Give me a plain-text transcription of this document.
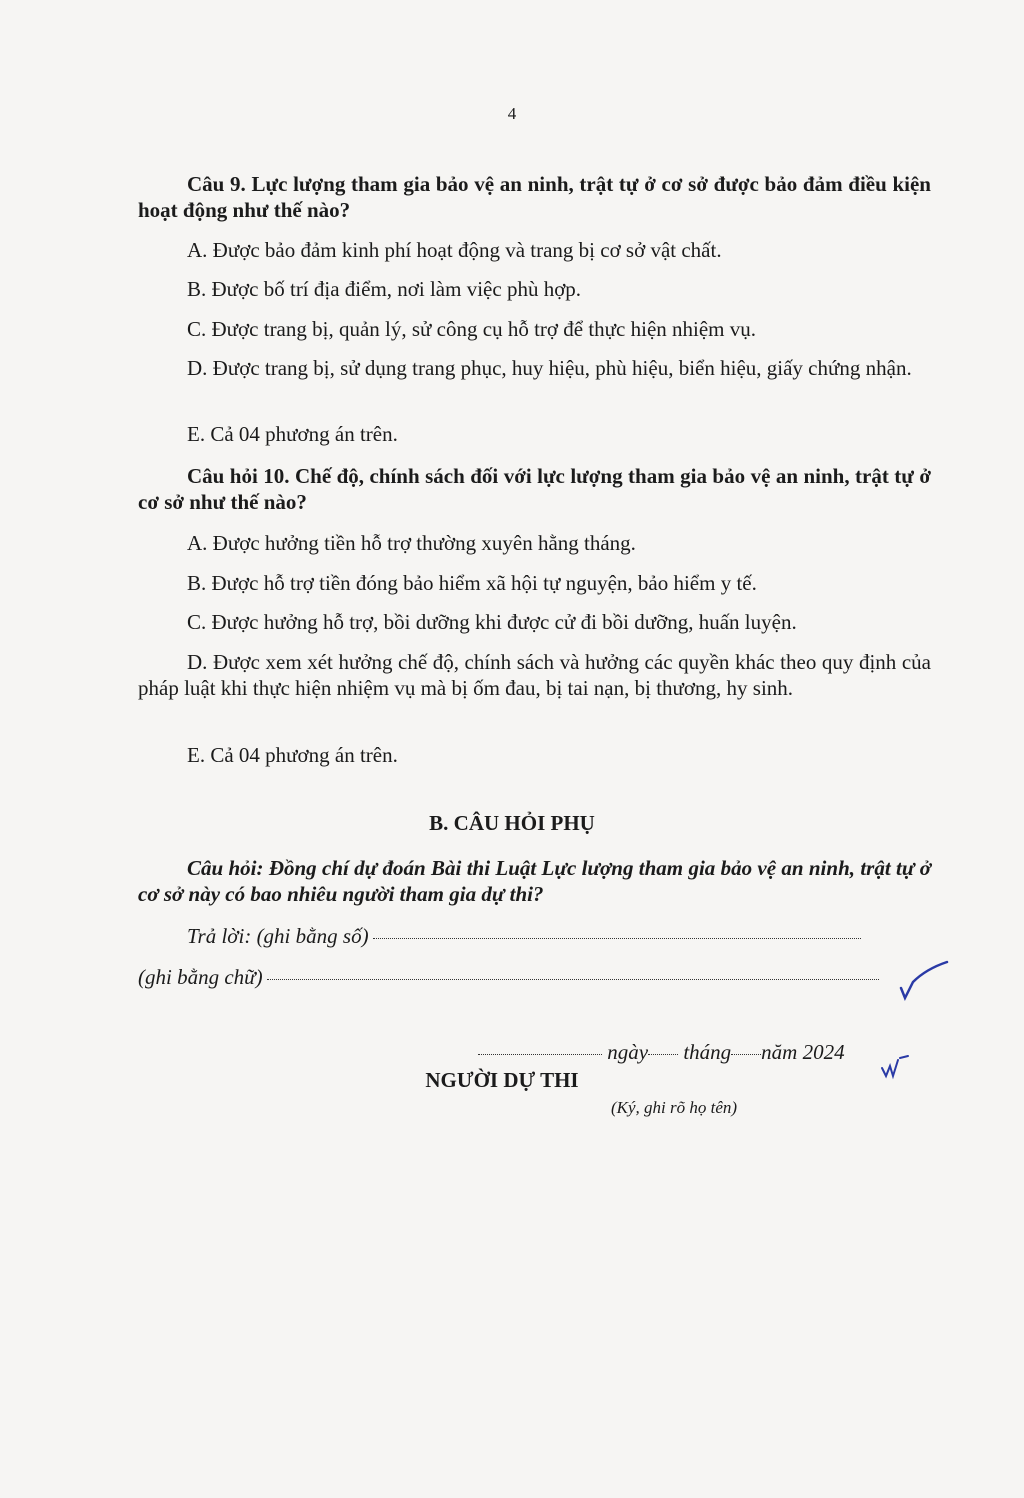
4
Câu 9. Lực lượng tham gia bảo vệ an ninh, trật tự ở cơ sở được bảo đảm điều kiện hoạt động như thế nào?
A. Được bảo đảm kinh phí hoạt động và trang bị cơ sở vật chất.
B. Được bố trí địa điểm, nơi làm việc phù hợp.
C. Được trang bị, quản lý, sử công cụ hỗ trợ để thực hiện nhiệm vụ.
D. Được trang bị, sử dụng trang phục, huy hiệu, phù hiệu, biển hiệu, giấy chứng nhận.
E. Cả 04 phương án trên.
Câu hỏi 10. Chế độ, chính sách đối với lực lượng tham gia bảo vệ an ninh, trật tự ở cơ sở như thế nào?
A. Được hưởng tiền hỗ trợ thường xuyên hằng tháng.
B. Được hỗ trợ tiền đóng bảo hiểm xã hội tự nguyện, bảo hiểm y tế.
C. Được hưởng hỗ trợ, bồi dưỡng khi được cử đi bồi dưỡng, huấn luyện.
D. Được xem xét hưởng chế độ, chính sách và hưởng các quyền khác theo quy định của pháp luật khi thực hiện nhiệm vụ mà bị ốm đau, bị tai nạn, bị thương, hy sinh.
E. Cả 04 phương án trên.
B. CÂU HỎI PHỤ
Câu hỏi: Đồng chí dự đoán Bài thi Luật Lực lượng tham gia bảo vệ an ninh, trật tự ở cơ sở này có bao nhiêu người tham gia dự thi?
Trả lời: (ghi bằng số)
(ghi bằng chữ)
ngày tháng năm 2024
NGƯỜI DỰ THI
(Ký, ghi rõ họ tên)
